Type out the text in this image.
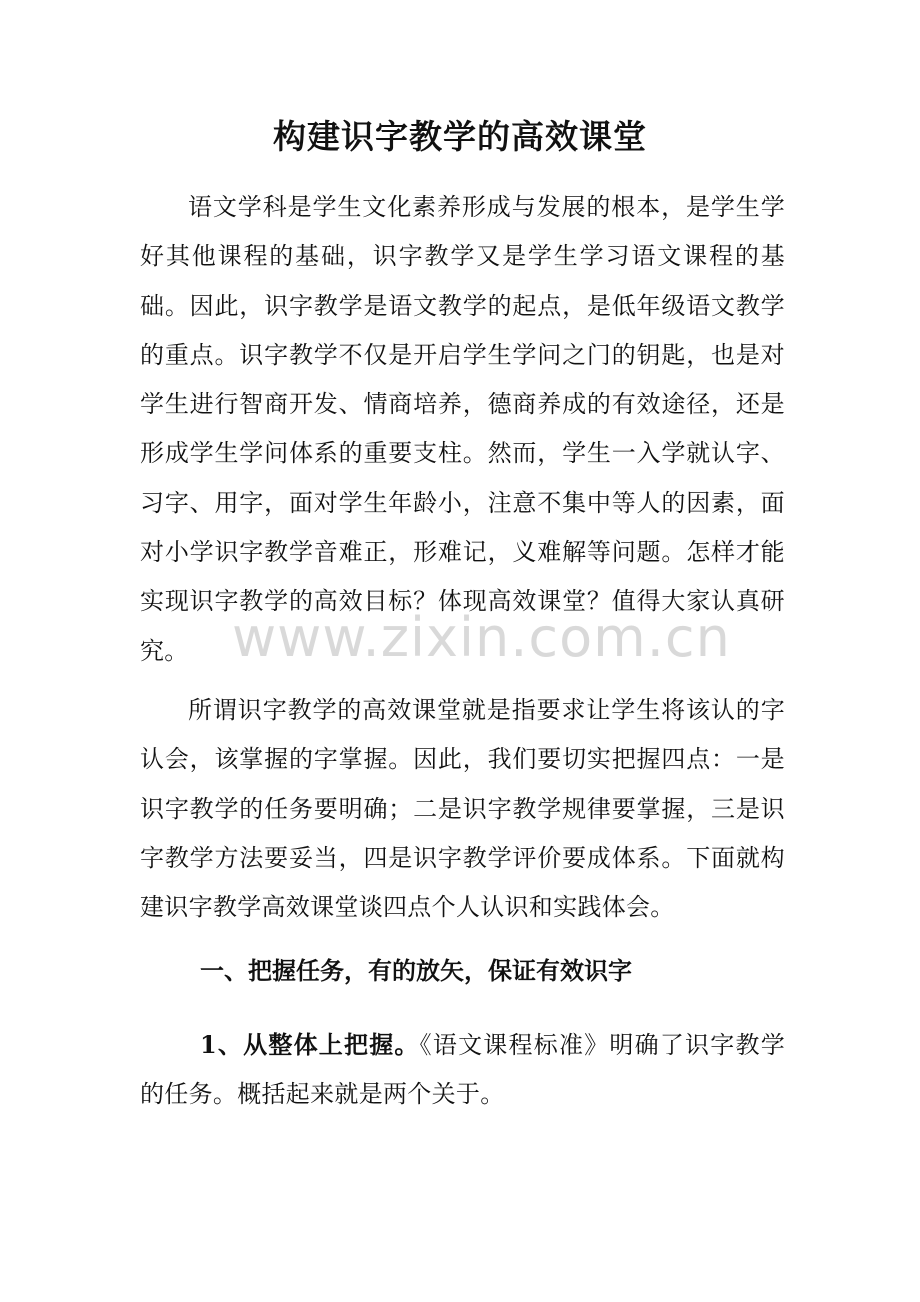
构建识字教学的高效课堂

语文学科是学生文化素养形成与发展的根本，是学生学好其他课程的基础，识字教学又是学生学习语文课程的基础。因此，识字教学是语文教学的起点，是低年级语文教学的重点。识字教学不仅是开启学生学问之门的钥匙，也是对学生进行智商开发、情商培养，德商养成的有效途径，还是形成学生学问体系的重要支柱。然而，学生一入学就认字、习字、用字，面对学生年龄小，注意不集中等人的因素，面对小学识字教学音难正，形难记，义难解等问题。怎样才能实现识字教学的高效目标？体现高效课堂？值得大家认真研究。

所谓识字教学的高效课堂就是指要求让学生将该认的字认会，该掌握的字掌握。因此，我们要切实把握四点：一是识字教学的任务要明确；二是识字教学规律要掌握，三是识字教学方法要妥当，四是识字教学评价要成体系。下面就构建识字教学高效课堂谈四点个人认识和实践体会。

一、把握任务，有的放矢，保证有效识字

1、从整体上把握。《语文课程标准》明确了识字教学的任务。概括起来就是两个关于。

www.zixin.com.cn
